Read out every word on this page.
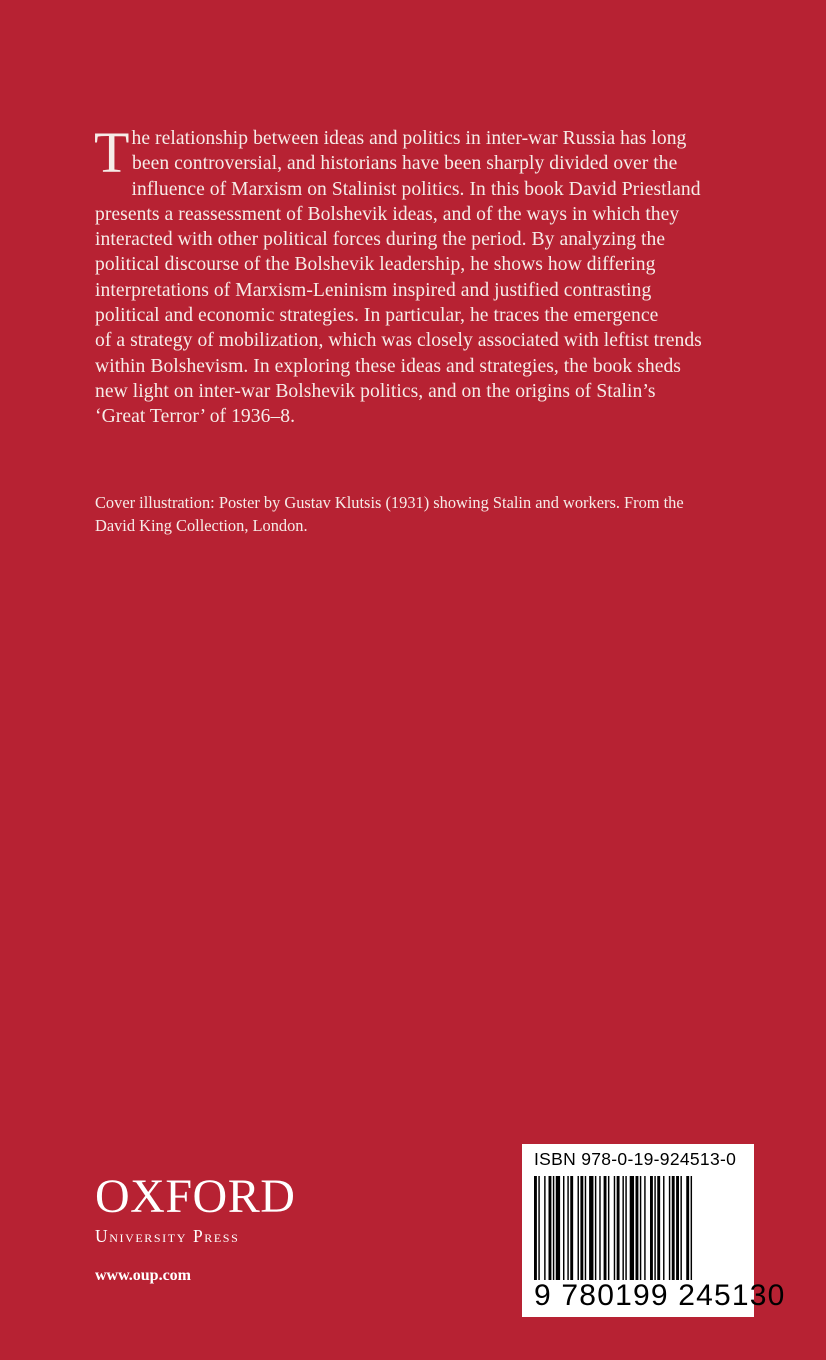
T he relationship between ideas and politics in inter-war Russia has long
been controversial, and historians have been sharply divided over the
influence of Marxism on Stalinist politics. In this book David Priestland
presents a reassessment of Bolshevik ideas, and of the ways in which they
interacted with other political forces during the period. By analyzing the
political discourse of the Bolshevik leadership, he shows how differing
interpretations of Marxism-Leninism inspired and justified contrasting
political and economic strategies. In particular, he traces the emergence
of a strategy of mobilization, which was closely associated with leftist trends
within Bolshevism. In exploring these ideas and strategies, the book sheds
new light on inter-war Bolshevik politics, and on the origins of Stalin’s
‘Great Terror’ of 1936–8.
Cover illustration: Poster by Gustav Klutsis (1931) showing Stalin and workers. From the
David King Collection, London.
OXFORD
University Press
www.oup.com
ISBN 978-0-19-924513-0
9 780199 245130
